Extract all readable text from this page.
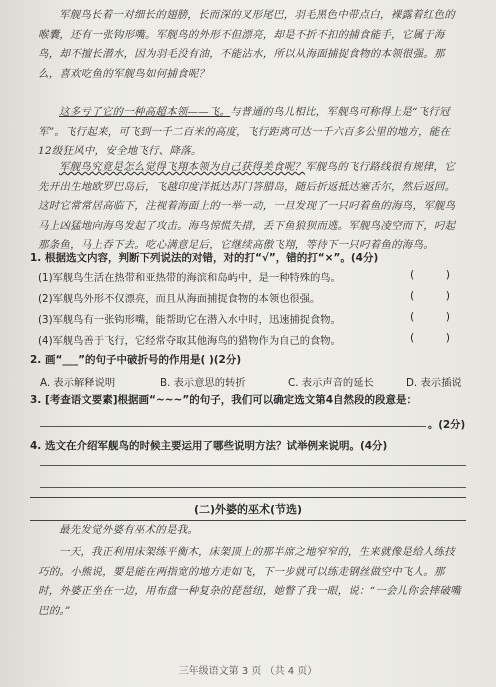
军舰鸟长着一对细长的翅膀，长而深的叉形尾巴，羽毛黑色中带点白，裸露着红色的喉囊，还有一张钩形嘴。军舰鸟的外形不但漂亮，却是不折不扣的捕食能手，它属于海鸟，却不擅长潜水，因为羽毛没有油，不能沾水，所以从海面捕捉食物的本领很强。那么，喜欢吃鱼的军舰鸟如何捕食呢？
这多亏了它的一种高超本领——飞。与普通的鸟儿相比，军舰鸟可称得上是“飞行冠军”。飞行起来，可飞到一千二百米的高度，飞行距离可达一千六百多公里的地方，能在12级狂风中，安全地飞行、降落。
军舰鸟究竟是怎么觉得飞翔本领为自己获得美食呢？军舰鸟的飞行路线很有规律，它先开出生地欧罗巴岛后，飞越印度洋抵达苏门答腊岛，随后折返抵达塞舌尔，然后返回。这时它常常居高临下，注视着海面上的一举一动，一旦发现了一只叼着鱼的海鸟，军舰鸟马上凶猛地向海鸟发起了攻击。海鸟惊慌失措，丢下鱼狼狈而逃。军舰鸟凌空而下，叼起那条鱼，马上吞下去。吃心满意足后，它继续高傲飞翔，等待下一只叼着鱼的海鸟。
1. 根据选文内容，判断下列说法的对错，对的打“√”，错的打“×”。(4分)
(1)军舰鸟生活在热带和亚热带的海滨和岛屿中，是一种特殊的鸟。	(	)
(2)军舰鸟外形不仅漂亮，而且从海面捕捉食物的本领也很强。	(	)
(3)军舰鸟有一张钩形嘴，能帮助它在潜入水中时，迅速捕捉食物。	(	)
(4)军舰鸟善于飞行，它经常夺取其他海鸟的猎物作为自己的食物。	(	)
2. 画“___”的句子中破折号的作用是( )(2分)
A. 表示解释说明	B. 表示意思的转折	C. 表示声音的延长	D. 表示插说
3. [考查语文要素]根据画“~~~”的句子，我们可以确定选文第4自然段的段意是：
。(2分)
4. 选文在介绍军舰鸟的时候主要运用了哪些说明方法？试举例来说明。(4分)
(二)外婆的巫术(节选)
最先发觉外婆有巫术的是我。
一天，我正利用床架练平衡木，床架顶上的那半席之地窄窄的，生来就像是给人练技巧的。小熊说，要是能在两指宽的地方走如飞，下一步就可以练走钢丝做空中飞人。那时，外婆正坐在一边，用布盘一种复杂的琵琶纽，她瞥了我一眼，说：“一会儿你会摔破嘴巴的。”
三年级语文第 3 页 （共 4 页）
